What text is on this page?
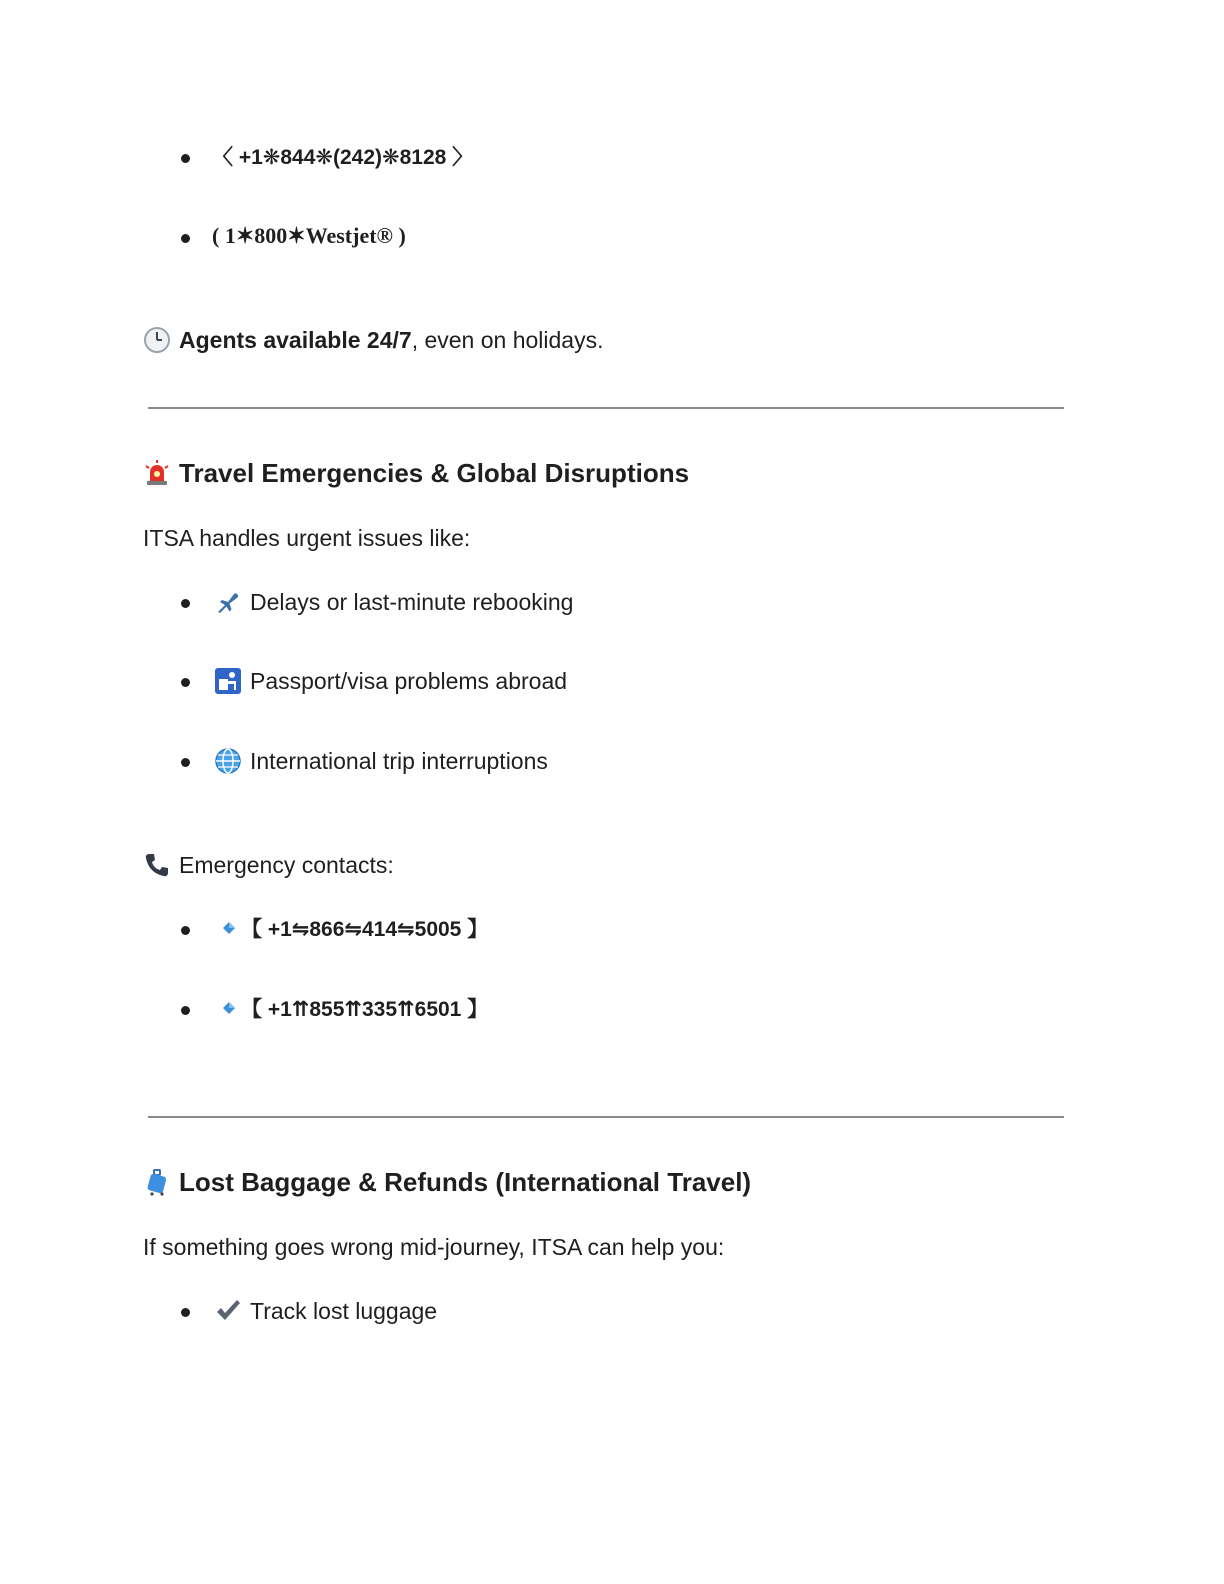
〈 +1❋844❋(242)❋8128 〉
( 1✶800✶Westjet® )
Agents available 24/7, even on holidays.
Travel Emergencies & Global Disruptions
ITSA handles urgent issues like:
Delays or last-minute rebooking
Passport/visa problems abroad
International trip interruptions
Emergency contacts:
【 +1⇋866⇋414⇋5005 】
【 +1⇈855⇈335⇈6501 】
Lost Baggage & Refunds (International Travel)
If something goes wrong mid-journey, ITSA can help you:
Track lost luggage
